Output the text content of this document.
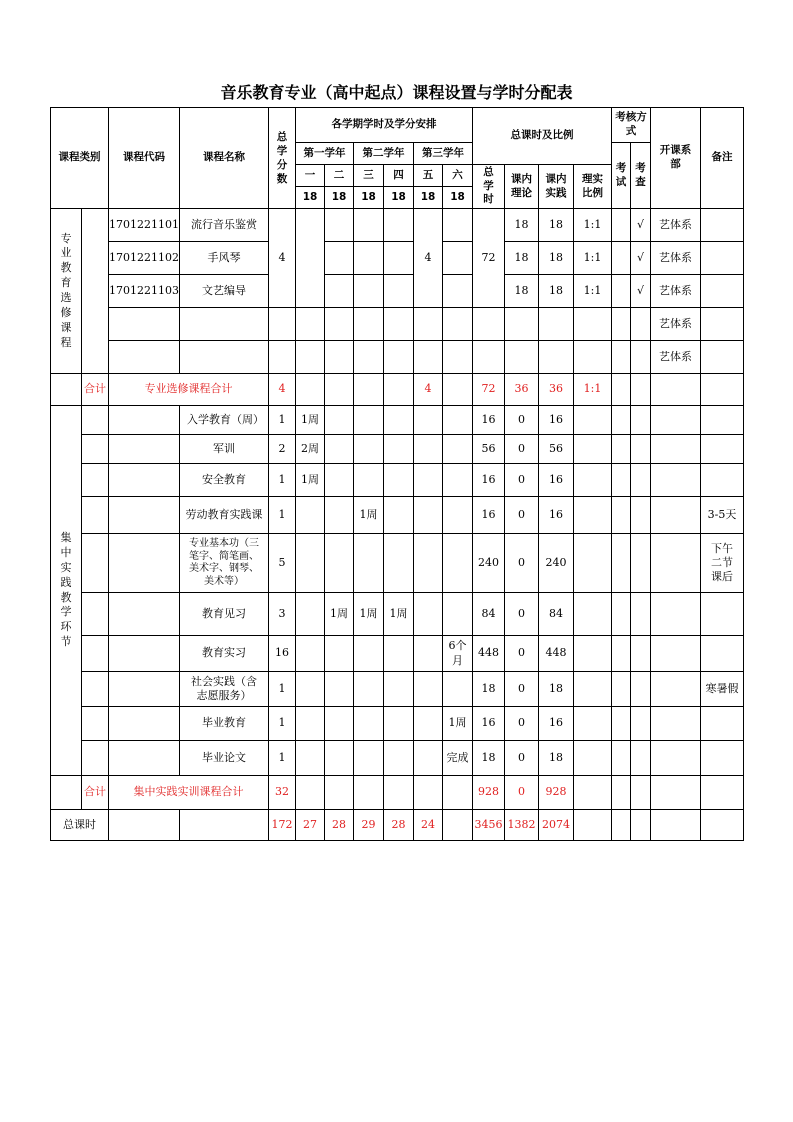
音乐教育专业（高中起点）课程设置与学时分配表
课程类别		课程代码	课程名称	总学分数	各学期学时及学分安排						总课时及比例				考核方式		开课系部	备注
					第一学年		第二学年		第三学年						考试	考查		
					一	二	三	四	五	六	总学时	课内理论	课内实践	理实比例				
					18	18	18	18	18	18								
专业教育选修课程		1701221101	流行音乐鉴赏	4					4		72	18	18	1:1		√	艺体系	
		1701221102	手风琴									18	18	1:1		√	艺体系	
		1701221103	文艺编导									18	18	1:1		√	艺体系	
																	艺体系	
																	艺体系	
	合计	专业选修课程合计		4					4		72	36	36	1:1				
集中实践教学环节			入学教育（周）	1	1周						16	0	16					
			军训	2	2周						56	0	56					
			安全教育	1	1周						16	0	16					
			劳动教育实践课	1			1周				16	0	16					3-5天
			专业基本功（三笔字、简笔画、美术字、钢琴、美术等）	5							240	0	240					下午二节课后
			教育见习	3		1周	1周	1周			84	0	84					
			教育实习	16						6个月	448	0	448					
			社会实践（含志愿服务）	1							18	0	18					寒暑假
			毕业教育	1						1周	16	0	16					
			毕业论文	1						完成	18	0	18					
	合计	集中实践实训课程合计		32							928	0	928					
总课时				172	27	28	29	28	24		3456	1382	2074					
